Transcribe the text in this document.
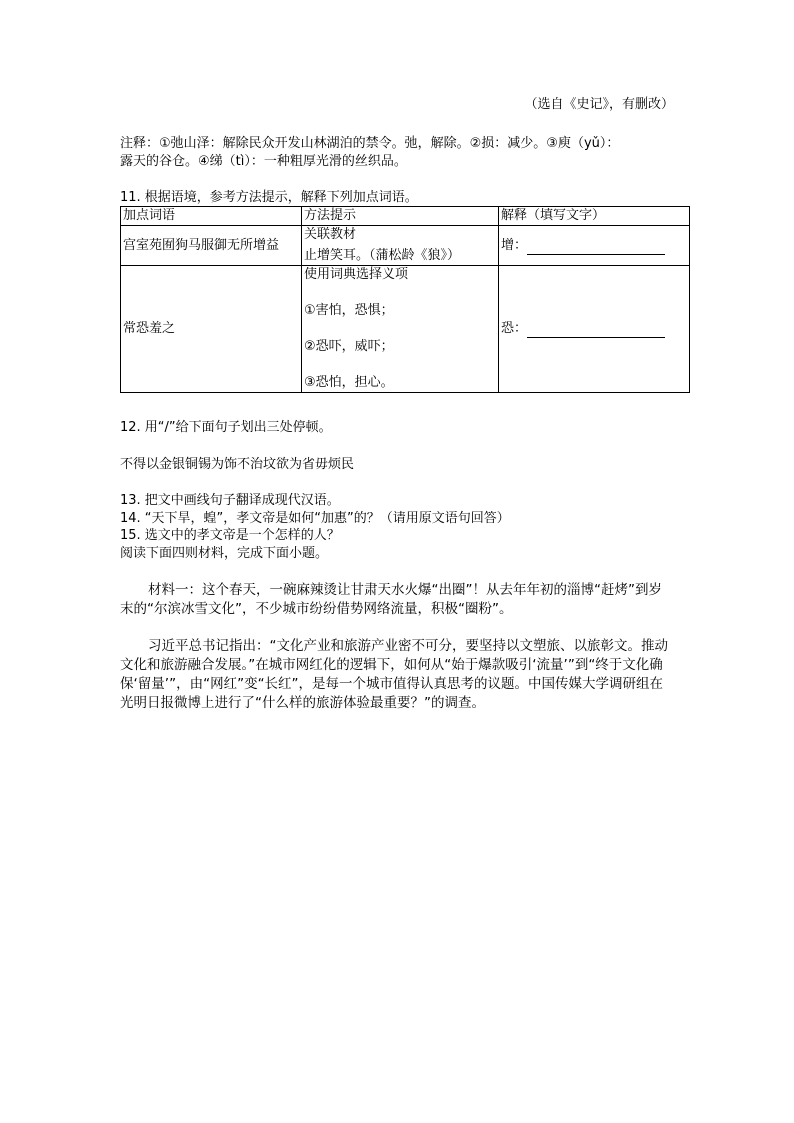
（选自《史记》，有删改）
注释：①弛山泽：解除民众开发山林湖泊的禁令。弛，解除。②损：减少。③庾（yǔ）：
露天的谷仓。④绨（tì）：一种粗厚光滑的丝织品。
11. 根据语境，参考方法提示，解释下列加点词语。
加点词语	方法提示	解释（填写文字）
宫室苑囿狗马服御无所增益	关联教材
止增笑耳。（蒲松龄《狼》）	增：
常恐羞之	使用词典选择义项
①害怕，恐惧；
②恐吓，威吓；
③恐怕，担心。	恐：
12. 用“/”给下面句子划出三处停顿。
不得以金银铜锡为饰不治坟欲为省毋烦民
13. 把文中画线句子翻译成现代汉语。
14. “天下旱，蝗”，孝文帝是如何“加惠”的？（请用原文语句回答）
15. 选文中的孝文帝是一个怎样的人？
阅读下面四则材料，完成下面小题。
材料一：这个春天，一碗麻辣烫让甘肃天水火爆“出圈”！从去年年初的淄博“赶烤”到岁末的“尔滨冰雪文化”，不少城市纷纷借势网络流量，积极“圈粉”。
习近平总书记指出：“文化产业和旅游产业密不可分，要坚持以文塑旅、以旅彰文。推动文化和旅游融合发展。”在城市网红化的逻辑下，如何从“始于爆款吸引‘流量’”到“终于文化确保‘留量’”，由“网红”变“长红”，是每一个城市值得认真思考的议题。中国传媒大学调研组在光明日报微博上进行了“什么样的旅游体验最重要？”的调查。
